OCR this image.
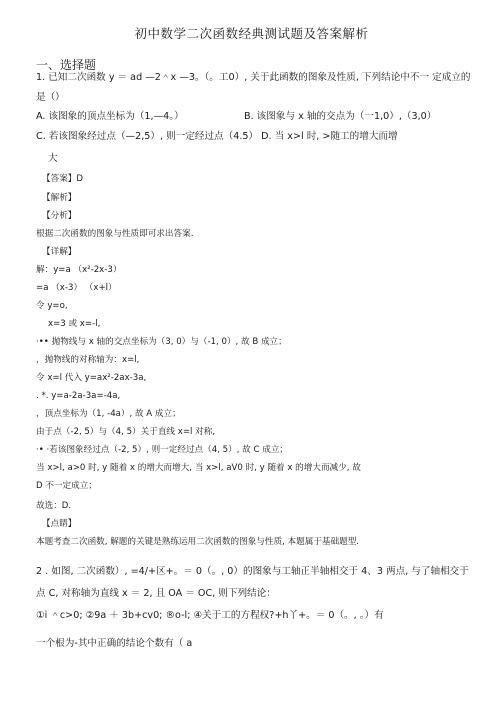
初中数学二次函数经典测试题及答案解析
一、选择题
1. 已知二次函数 y ＝ ad —2＾x —3。（。工0）, 关于此函数的图象及性质, 下列结论中不一 定成立的
是（）
A. 该图象的顶点坐标为（1,—4。）	B. 该图象与 x 轴的交点为（一1,0）,（3,0）
C. 若该图象经过点（—2,5）, 则一定经过点（4.5） D. 当 x>l 时, >随工的增大而增
大
【答案】D
【解析】
【分析】
根据二次函数的图象与性质即可求出答案.
【详解】
解：y=a （x²-2x-3）
=a （x-3） （x+l）
令 y=o,
x=3 或 x=-l,
·•• 抛物线与 x 轴的交点坐标为（3, 0）与（-1, 0）, 故 B 成立；
，抛物线的对称轴为：x=l,
令 x=l 代入 y=ax²-2ax-3a,
. *. y=a-2a-3a=-4a,
，顶点坐标为（1, -4a）, 故 A 成立；
由于点（-2, 5）与（4, 5）关于直线 x=l 对称,
·• ·若该图象经过点（-2, 5）, 则一定经过点（4, 5）, 故 C 成立；
当 x>l, a>0 时, y 随着 x 的增大而增大, 当 x>l, aV0 时, y 随着 x 的增大而减少, 故
D 不一定成立；
故选：D.
【点睛】
本题考查二次函数, 解题的关键是熟练运用二次函数的图象与性质, 本题属于基础题型.
2 . 如图, 二次函数）, =4/+区+。＝ 0（。, 0）的图象与工轴正半轴相交于 4、3 两点, 与了轴相交于
点 C, 对称轴为直线 x ＝ 2, 且 OA ＝ OC, 则下列结论：
①i ＾c>0; ②9a ＋ 3b+cv0; ®o-l; ④关于工的方程权?+h丫+。＝ 0（。, 。）有
一个根为-其中正确的结论个数有（ a
